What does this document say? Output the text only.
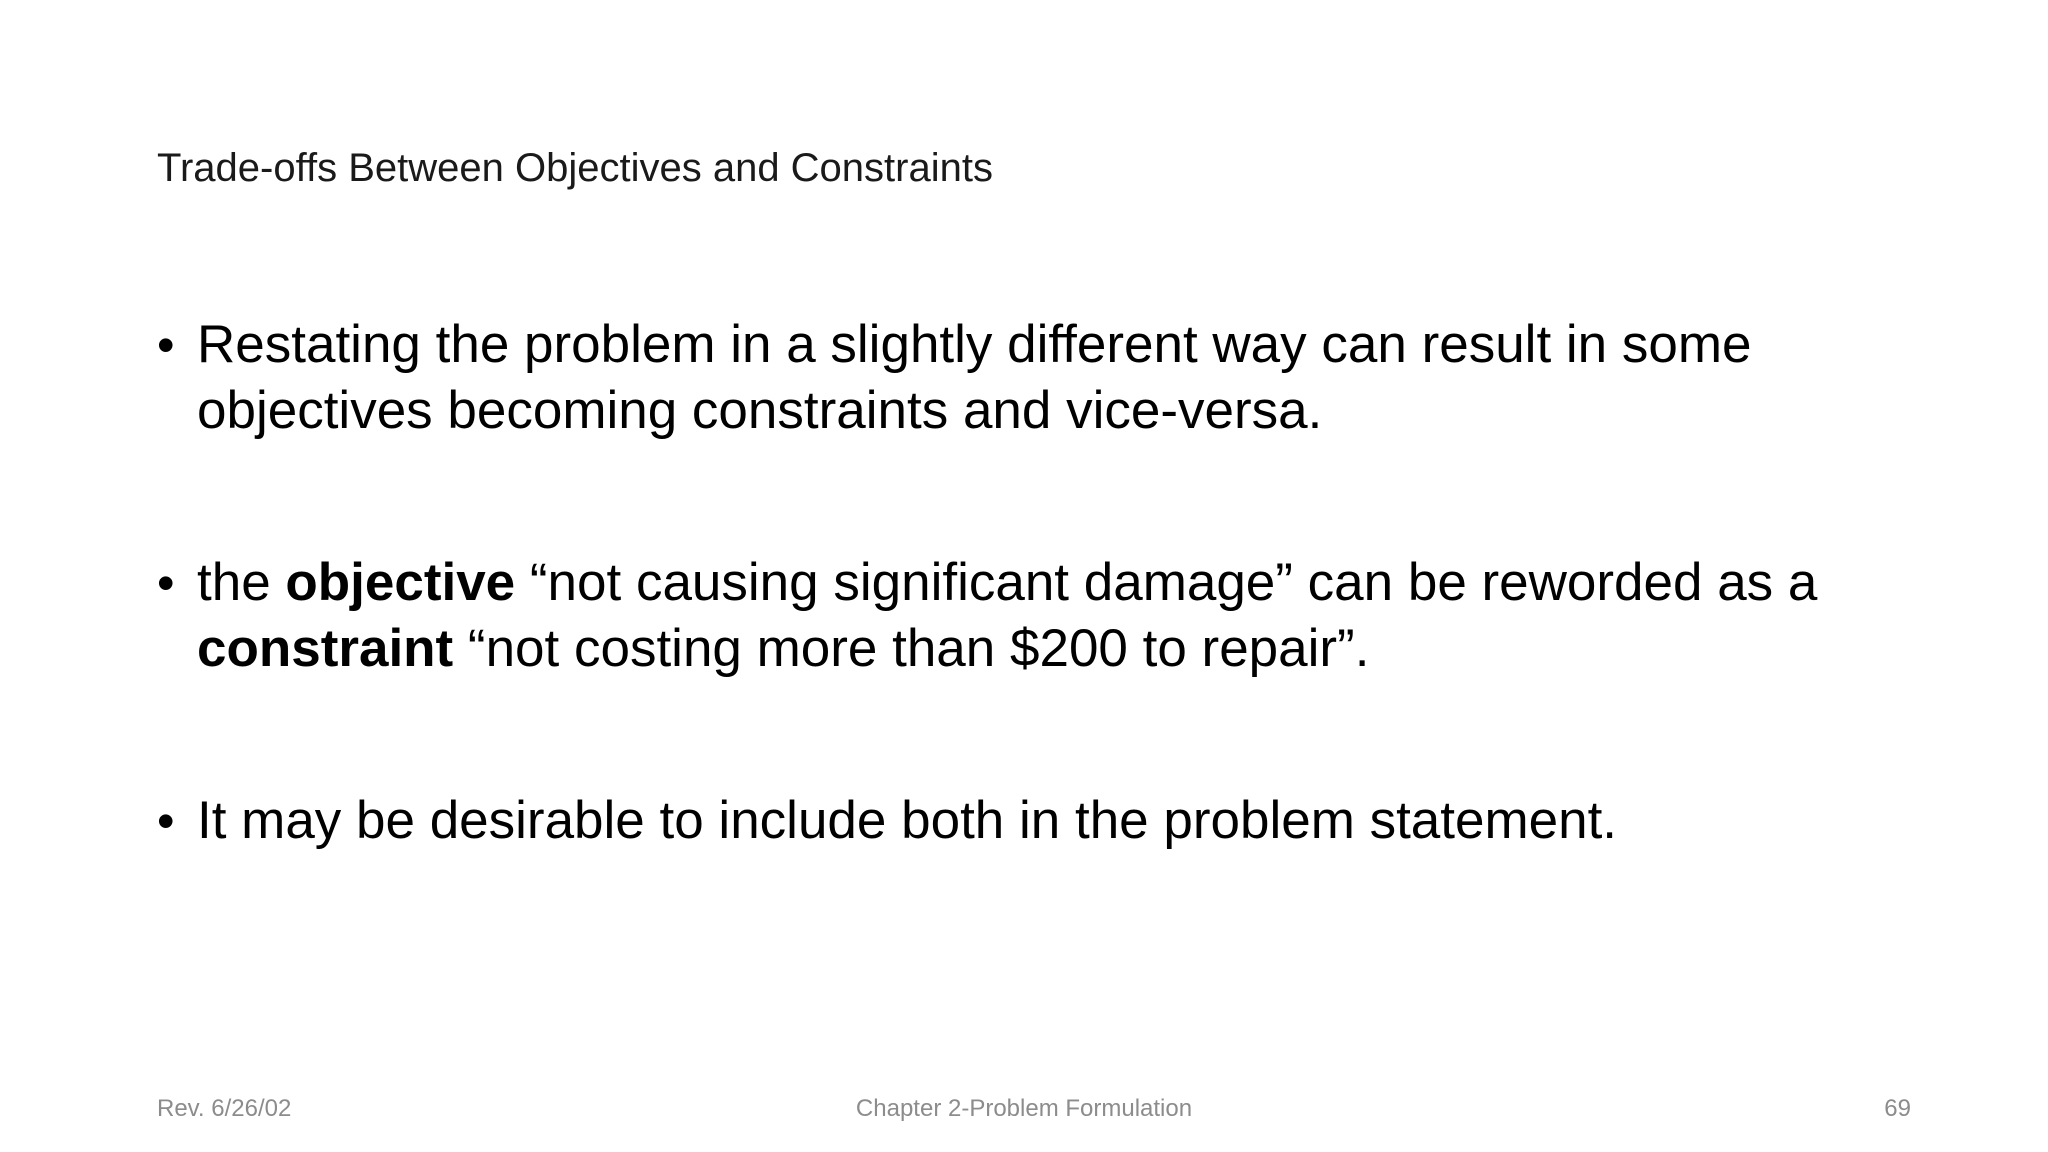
Trade-offs Between Objectives and Constraints
• Restating the problem in a slightly different way can result in some objectives becoming constraints and vice-versa.
• the objective “not causing significant damage” can be reworded as a constraint “not costing more than $200 to repair”.
• It may be desirable to include both in the problem statement.
Rev. 6/26/02	Chapter 2-Problem Formulation	69
